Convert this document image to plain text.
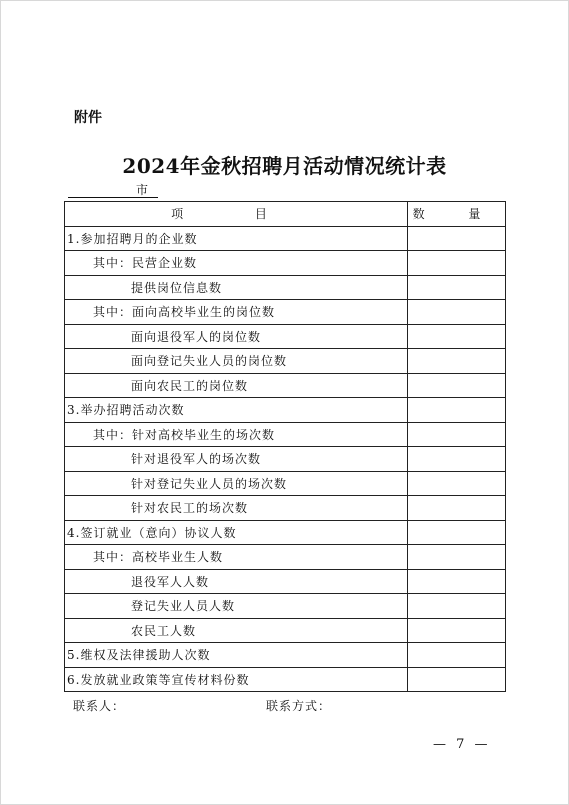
附件
2024年金秋招聘月活动情况统计表
市
项 目	数 量
1.参加招聘月的企业数	
其中：民营企业数	
提供岗位信息数	
其中：面向高校毕业生的岗位数	
面向退役军人的岗位数	
面向登记失业人员的岗位数	
面向农民工的岗位数	
3.举办招聘活动次数	
其中：针对高校毕业生的场次数	
针对退役军人的场次数	
针对登记失业人员的场次数	
针对农民工的场次数	
4.签订就业（意向）协议人数	
其中：高校毕业生人数	
退役军人人数	
登记失业人员人数	
农民工人数	
5.维权及法律援助人次数	
6.发放就业政策等宣传材料份数	
联系人：	联系方式：
— 7 —
